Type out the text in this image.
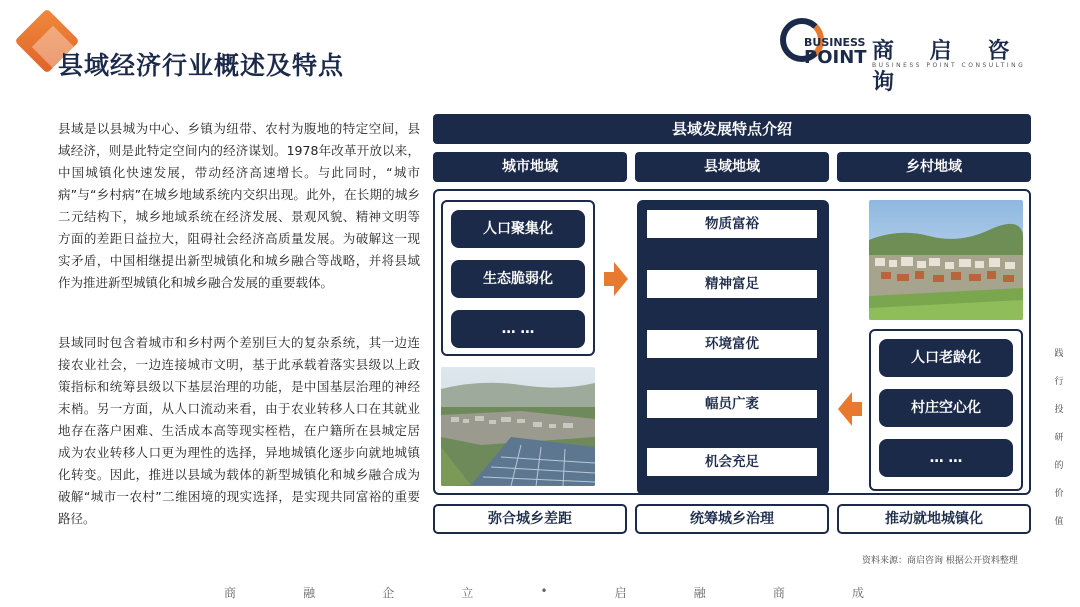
县域经济行业概述及特点
BUSINESS
POINT 商 启 咨 询
BUSINESS POINT CONSULTING

县域是以县城为中心、乡镇为纽带、农村为腹地的特定空间，县域经济，则是此特定空间内的经济谋划。1978年改革开放以来，中国城镇化快速发展，带动经济高速增长。与此同时，“城市病”与“乡村病”在城乡地域系统内交织出现。此外，在长期的城乡二元结构下，城乡地域系统在经济发展、景观风貌、精神文明等方面的差距日益拉大，阻碍社会经济高质量发展。为破解这一现实矛盾，中国相继提出新型城镇化和城乡融合等战略，并将县域作为推进新型城镇化和城乡融合发展的重要载体。

县域同时包含着城市和乡村两个差别巨大的复杂系统，其一边连接农业社会，一边连接城市文明，基于此承载着落实县级以上政策指标和统筹县级以下基层治理的功能，是中国基层治理的神经末梢。另一方面，从人口流动来看，由于农业转移人口在其就业地存在落户困难、生活成本高等现实桎梏，在户籍所在县城定居成为农业转移人口更为理性的选择，异地城镇化逐步向就地城镇化转变。因此，推进以县域为载体的新型城镇化和城乡融合成为破解“城市一农村”二维困境的现实选择，是实现共同富裕的重要路径。

县域发展特点介绍
城市地域	县域地域	乡村地域
人口聚集化
生态脆弱化
… …
物质富裕
精神富足
环境富优
幅员广袤
机会充足
人口老龄化
村庄空心化
… …
弥合城乡差距	统筹城乡治理	推动就地城镇化
资料来源：商启咨询 根据公开资料整理
践
行
投
研
的
价
值
商	融	企	立	•	启	融	商	成
